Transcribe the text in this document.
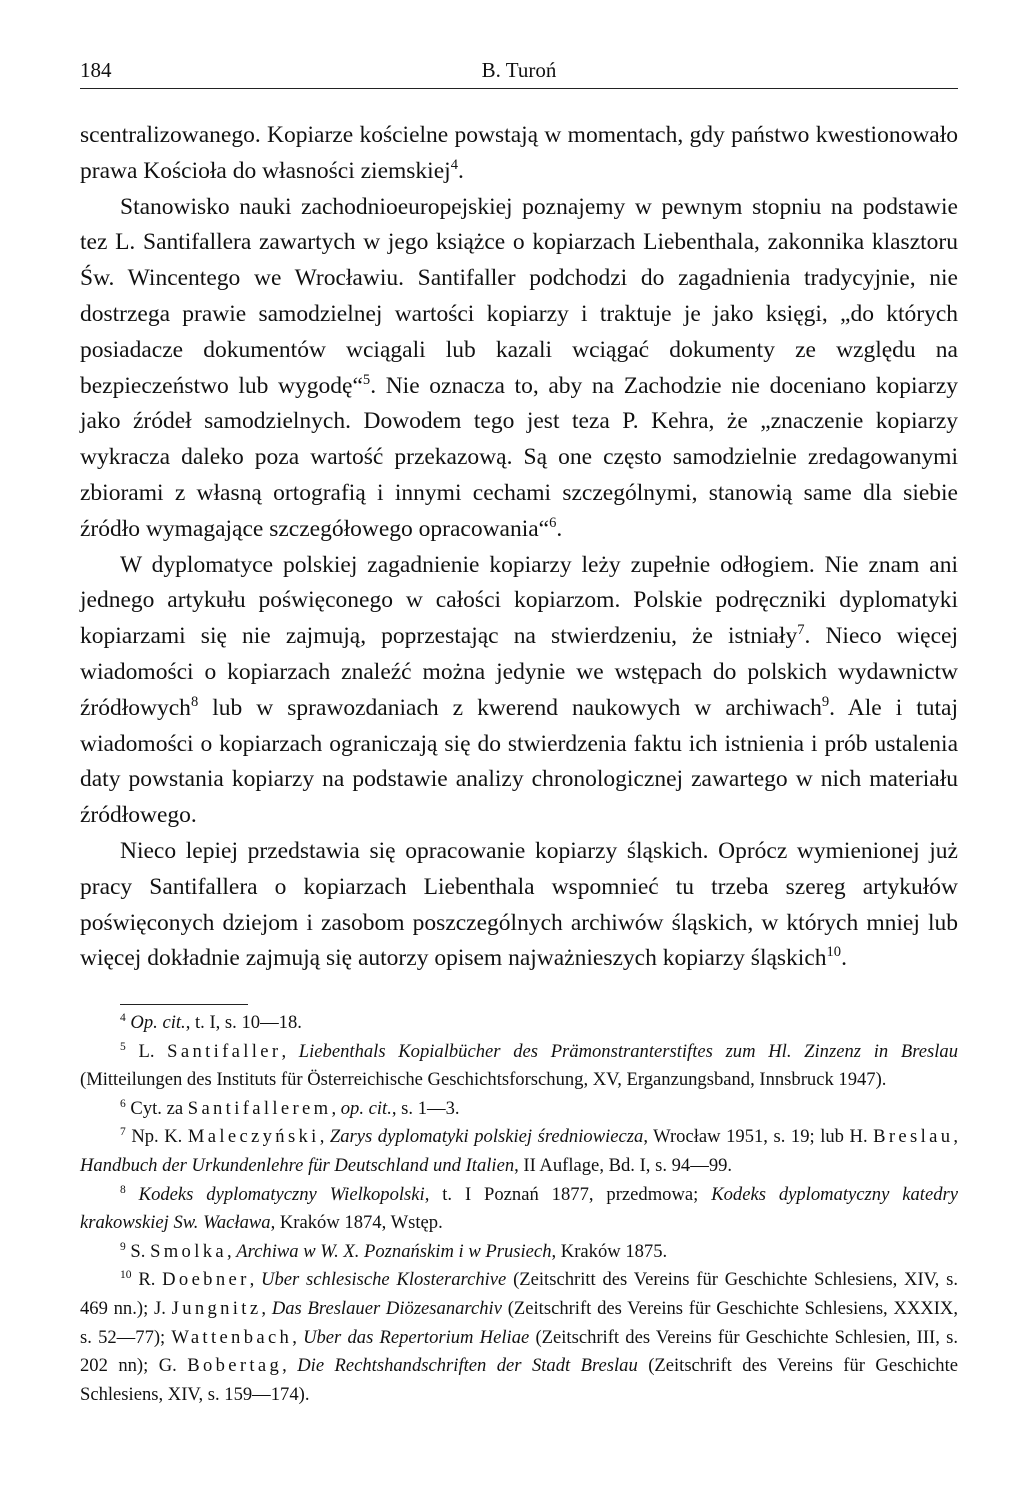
184	B. Turoń

scentralizowanego. Kopiarze kościelne powstają w momentach, gdy państwo kwestionowało prawa Kościoła do własności ziemskiej$^4$.

Stanowisko nauki zachodnioeuropejskiej poznajemy w pewnym stopniu na podstawie tez L. Santifallera zawartych w jego książce o kopiarzach Liebenthala, zakonnika klasztoru Św. Wincentego we Wrocławiu. Santifaller podchodzi do zagadnienia tradycyjnie, nie dostrzega prawie samodzielnej wartości kopiarzy i traktuje je jako księgi, „do których posiadacze dokumentów wciągali lub kazali wciągać dokumenty ze względu na bezpieczeństwo lub wygodę“$^5$. Nie oznacza to, aby na Zachodzie nie doceniano kopiarzy jako źródeł samodzielnych. Dowodem tego jest teza P. Kehra, że „znaczenie kopiarzy wykracza daleko poza wartość przekazową. Są one często samodzielnie zredagowanymi zbiorami z własną ortografią i innymi cechami szczególnymi, stanowią same dla siebie źródło wymagające szczegółowego opracowania“$^6$.

W dyplomatyce polskiej zagadnienie kopiarzy leży zupełnie odłogiem. Nie znam ani jednego artykułu poświęconego w całości kopiarzom. Polskie podręczniki dyplomatyki kopiarzami się nie zajmują, poprzestając na stwierdzeniu, że istniały$^7$. Nieco więcej wiadomości o kopiarzach znaleźć można jedynie we wstępach do polskich wydawnictw źródłowych$^8$ lub w sprawozdaniach z kwerend naukowych w archiwach$^9$. Ale i tutaj wiadomości o kopiarzach ograniczają się do stwierdzenia faktu ich istnienia i prób ustalenia daty powstania kopiarzy na podstawie analizy chronologicznej zawartego w nich materiału źródłowego.

Nieco lepiej przedstawia się opracowanie kopiarzy śląskich. Oprócz wymienionej już pracy Santifallera o kopiarzach Liebenthala wspomnieć tu trzeba szereg artykułów poświęconych dziejom i zasobom poszczególnych archiwów śląskich, w których mniej lub więcej dokładnie zajmują się autorzy opisem najważnieszych kopiarzy śląskich$^{10}$.

$^4$ Op. cit., t. I, s. 10—18.

$^5$ L. Santifaller, Liebenthals Kopialbücher des Prämonstranterstiftes zum Hl. Zinzenz in Breslau (Mitteilungen des Instituts für Österreichische Geschichtsforschung, XV, Erganzungsband, Innsbruck 1947).

$^6$ Cyt. za Santifallerem, op. cit., s. 1—3.

$^7$ Np. K. Maleczyński, Zarys dyplomatyki polskiej średniowiecza, Wrocław 1951, s. 19; lub H. Breslau, Handbuch der Urkundenlehre für Deutschland und Italien, II Auflage, Bd. I, s. 94—99.

$^8$ Kodeks dyplomatyczny Wielkopolski, t. I Poznań 1877, przedmowa; Kodeks dyplomatyczny katedry krakowskiej Sw. Wacława, Kraków 1874, Wstęp.

$^9$ S. Smolka, Archiwa w W. X. Poznańskim i w Prusiech, Kraków 1875.

$^{10}$ R. Doebner, Uber schlesische Klosterarchive (Zeitschritt des Vereins für Geschichte Schlesiens, XIV, s. 469 nn.); J. Jungnitz, Das Breslauer Diözesanarchiv (Zeitschrift des Vereins für Geschichte Schlesiens, XXXIX, s. 52—77); Wattenbach, Uber das Repertorium Heliae (Zeitschrift des Vereins für Geschichte Schlesien, III, s. 202 nn); G. Bobertag, Die Rechtshandschriften der Stadt Breslau (Zeitschrift des Vereins für Geschichte Schlesiens, XIV, s. 159—174).
